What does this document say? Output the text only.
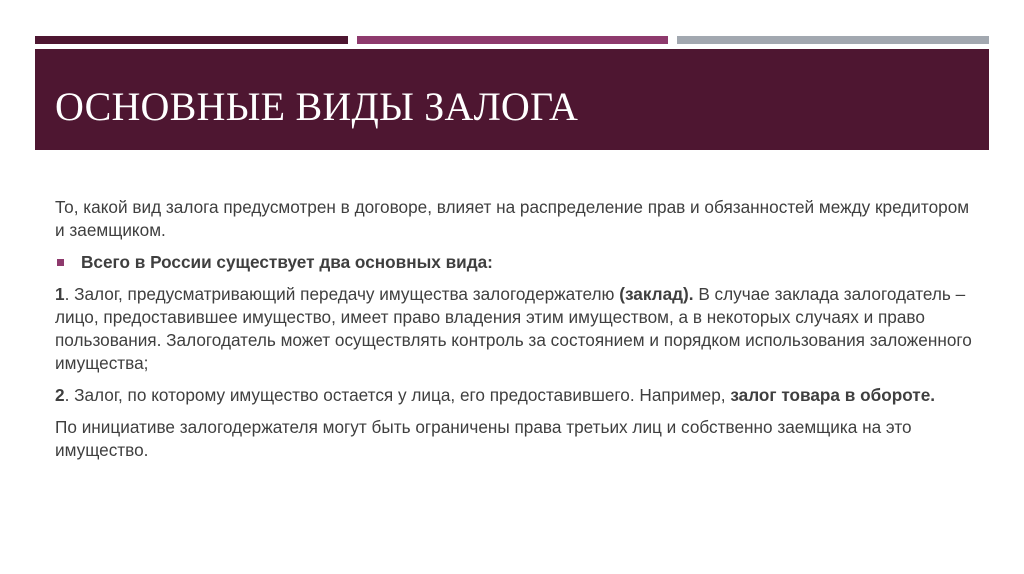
ОСНОВНЫЕ ВИДЫ ЗАЛОГА

То, какой вид залога предусмотрен в договоре, влияет на распределение прав и обязанностей между кредитором и заемщиком.

Всего в России существует два основных вида:

1. Залог, предусматривающий передачу имущества залогодержателю (заклад). В случае заклада залогодатель – лицо, предоставившее имущество, имеет право владения этим имуществом, а в некоторых случаях и право пользования. Залогодатель может осуществлять контроль за состоянием и порядком использования заложенного имущества;

2. Залог, по которому имущество остается у лица, его предоставившего. Например, залог товара в обороте.

По инициативе залогодержателя могут быть ограничены права третьих лиц и собственно заемщика на это имущество.
